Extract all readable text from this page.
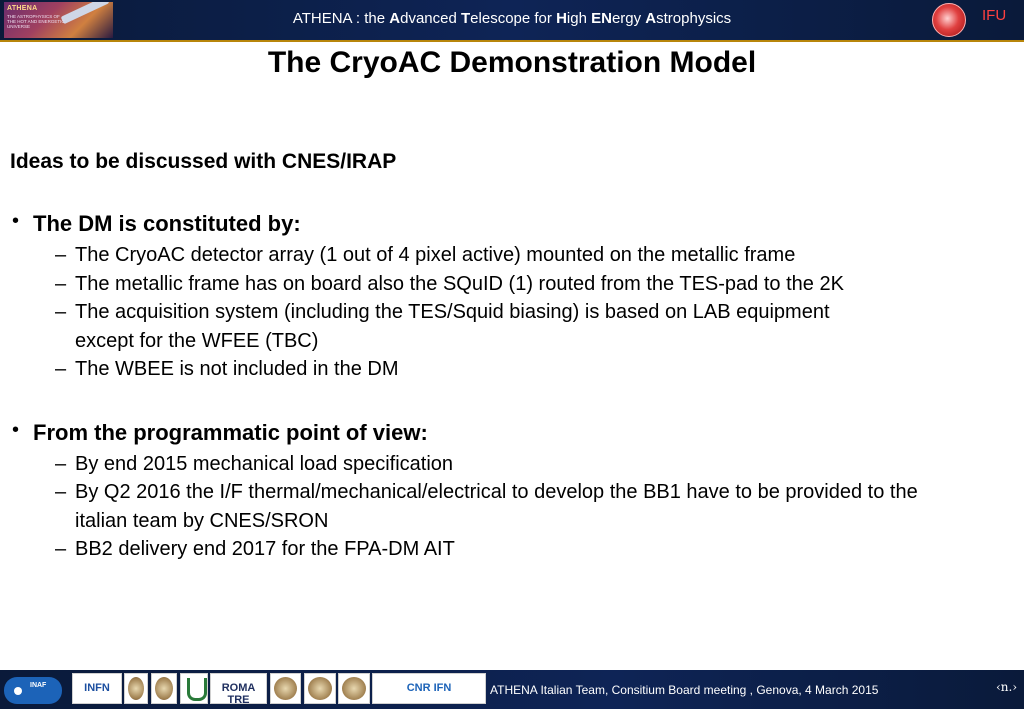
ATHENA
THE ASTROPHYSICS OF THE HOT AND ENERGETIC UNIVERSE	ATHENA : the Advanced Telescope for High ENergy Astrophysics	IFU
The CryoAC Demonstration Model
Ideas to be discussed with CNES/IRAP
• The DM is constituted by:
– The CryoAC detector array (1 out of 4 pixel active) mounted on the metallic frame
– The metallic frame has on board also the SQuID (1) routed from the TES-pad to the 2K
– The acquisition system (including the TES/Squid biasing) is based on LAB equipment
except for the WFEE (TBC)
– The WBEE is not included in the DM
• From the programmatic point of view:
– By end 2015 mechanical load specification
– By Q2 2016 the I/F thermal/mechanical/electrical to develop the BB1 have to be provided to the
italian team by CNES/SRON
– BB2 delivery end 2017 for the FPA-DM AIT
INAF	INFN	ROMA TRE
CNR IFN	ATHENA Italian Team, Consitium Board meeting , Genova, 4 March 2015	‹n.›
